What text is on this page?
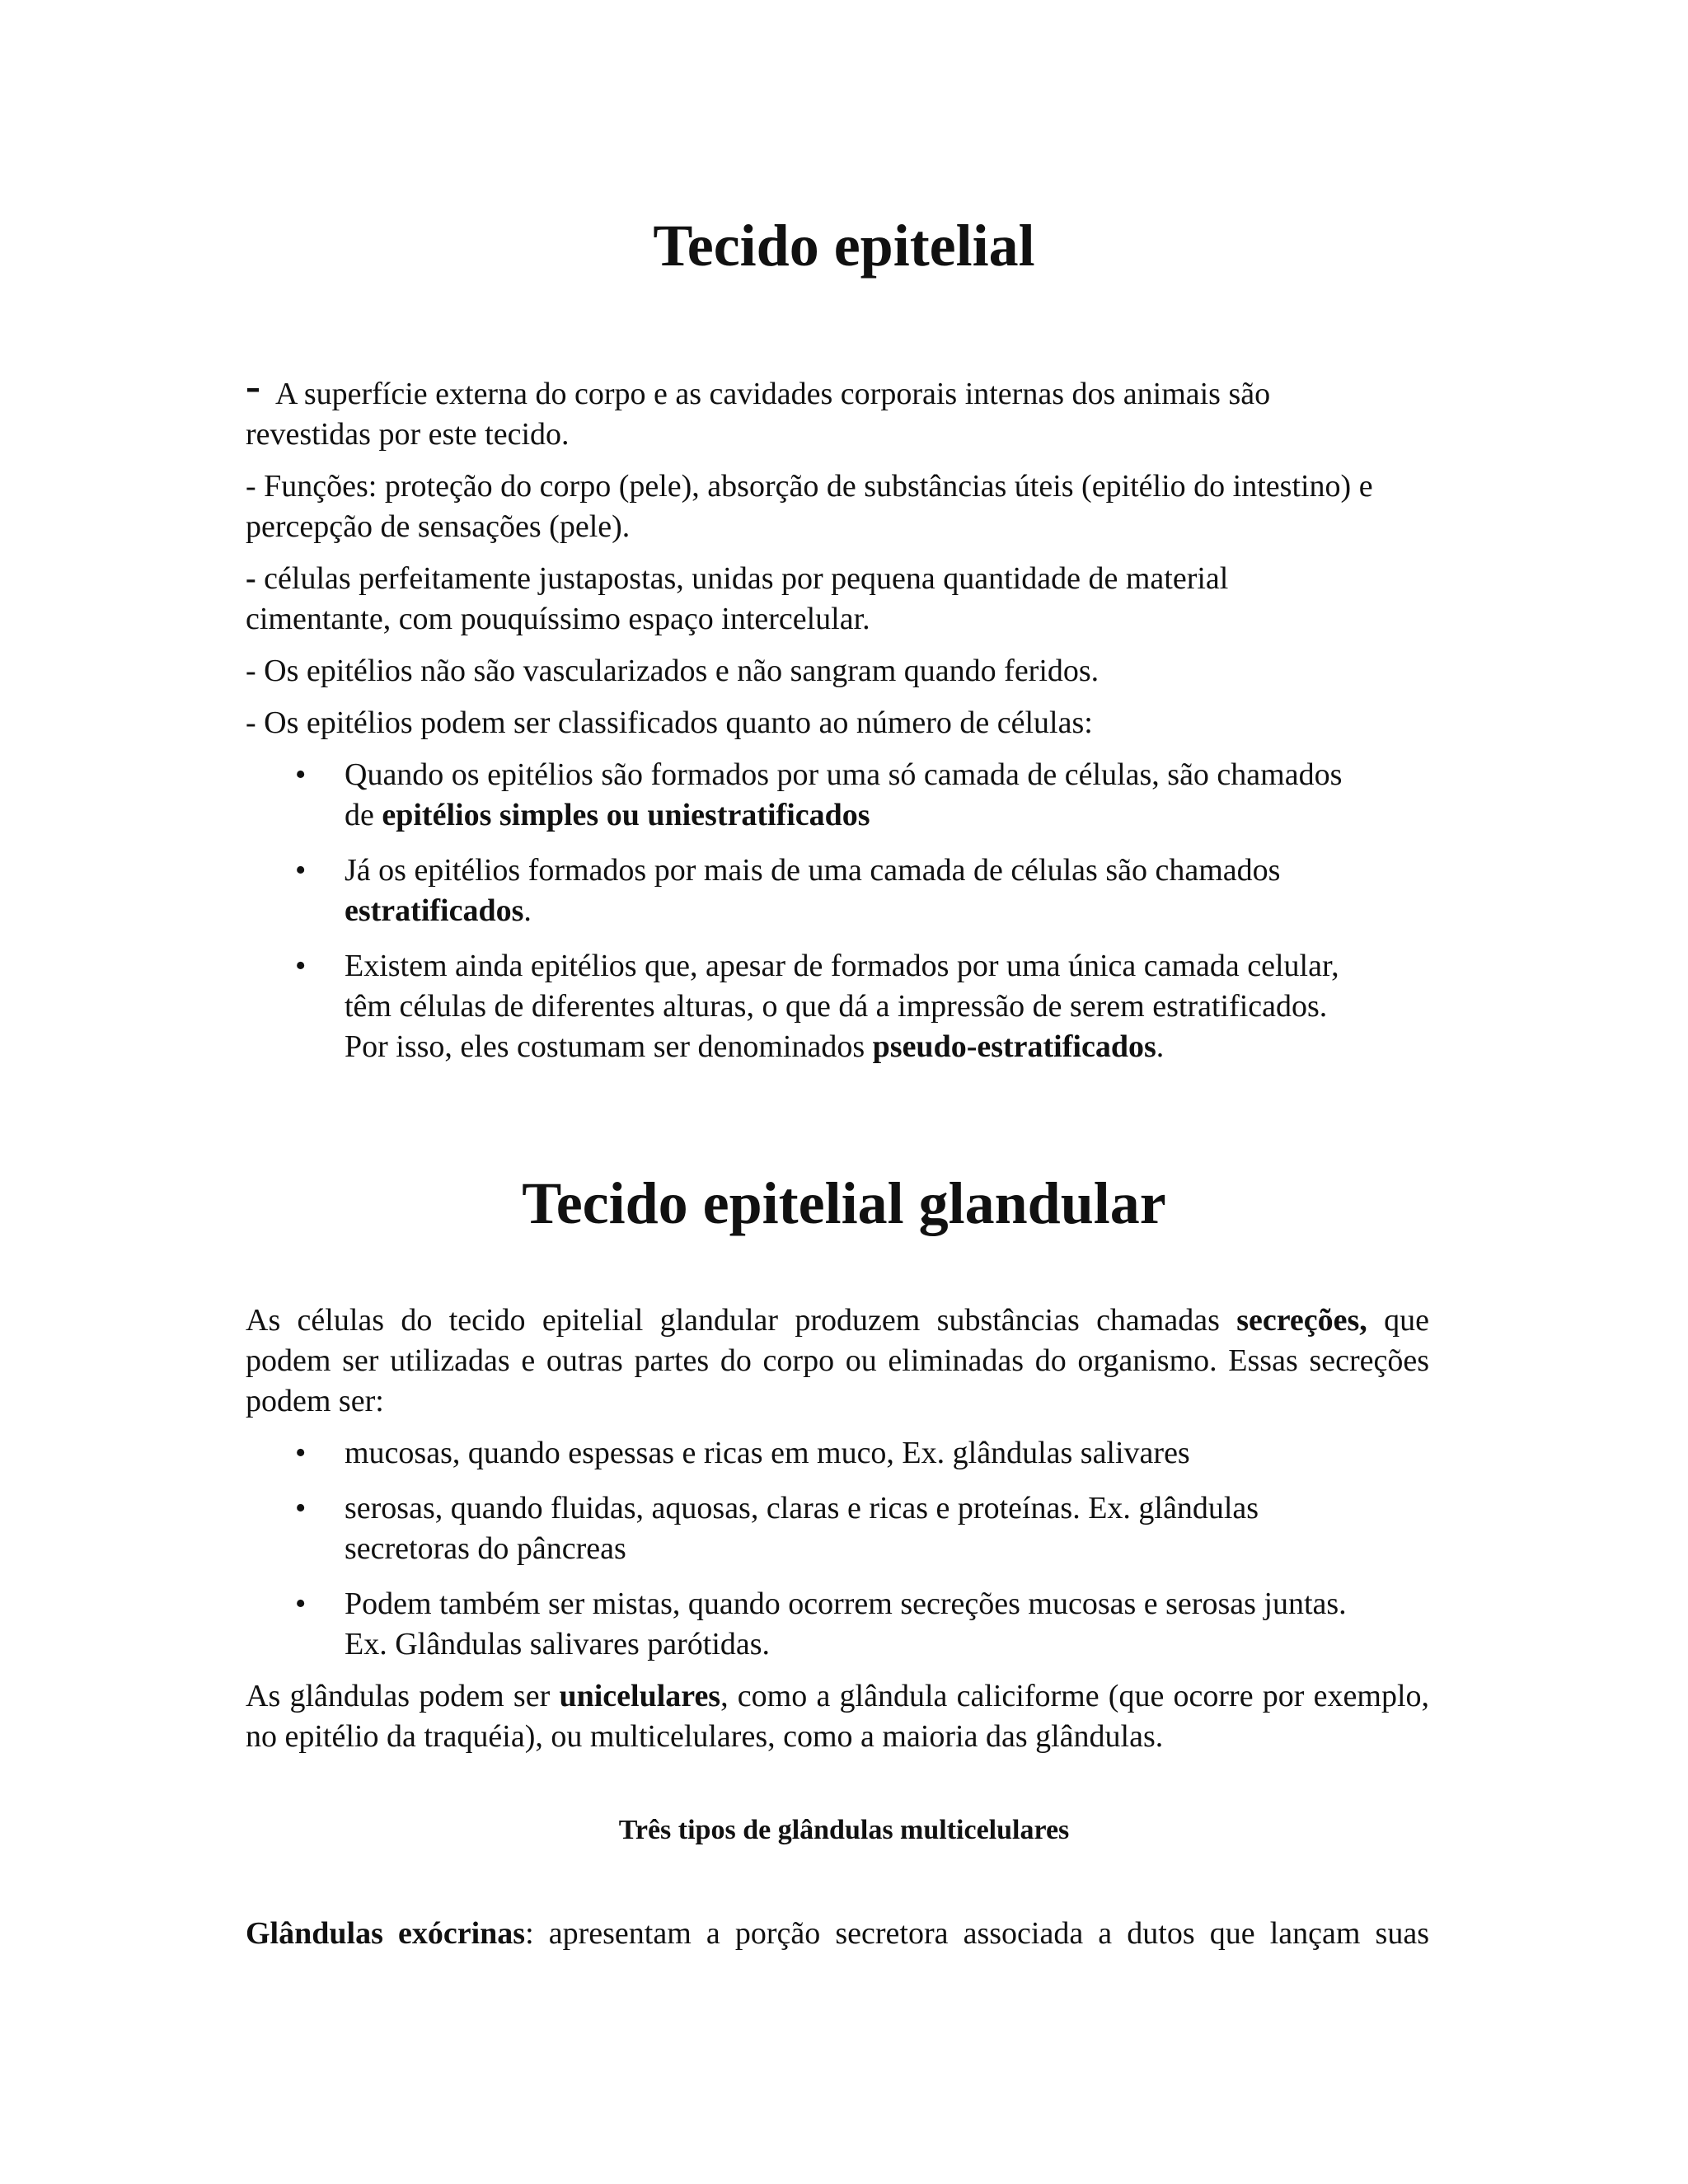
Tecido epitelial

- A superfície externa do corpo e as cavidades corporais internas dos animais são
revestidas por este tecido.

- Funções: proteção do corpo (pele), absorção de substâncias úteis (epitélio do intestino) e
percepção de sensações (pele).

- células perfeitamente justapostas, unidas por pequena quantidade de material
cimentante, com pouquíssimo espaço intercelular.

- Os epitélios não são vascularizados e não sangram quando feridos.

- Os epitélios podem ser classificados quanto ao número de células:

• Quando os epitélios são formados por uma só camada de células, são chamados
de epitélios simples ou uniestratificados
• Já os epitélios formados por mais de uma camada de células são chamados
estratificados.
• Existem ainda epitélios que, apesar de formados por uma única camada celular,
têm células de diferentes alturas, o que dá a impressão de serem estratificados.
Por isso, eles costumam ser denominados pseudo-estratificados.
Tecido epitelial glandular

As células do tecido epitelial glandular produzem substâncias chamadas secreções, que podem ser utilizadas e outras partes do corpo ou eliminadas do organismo. Essas secreções podem ser:

• mucosas, quando espessas e ricas em muco, Ex. glândulas salivares
• serosas, quando fluidas, aquosas, claras e ricas e proteínas. Ex. glândulas
secretoras do pâncreas
• Podem também ser mistas, quando ocorrem secreções mucosas e serosas juntas.
Ex. Glândulas salivares parótidas.

As glândulas podem ser unicelulares, como a glândula caliciforme (que ocorre por exemplo, no epitélio da traquéia), ou multicelulares, como a maioria das glândulas.

Três tipos de glândulas multicelulares

Glândulas exócrinas: apresentam a porção secretora associada a dutos que lançam suas
